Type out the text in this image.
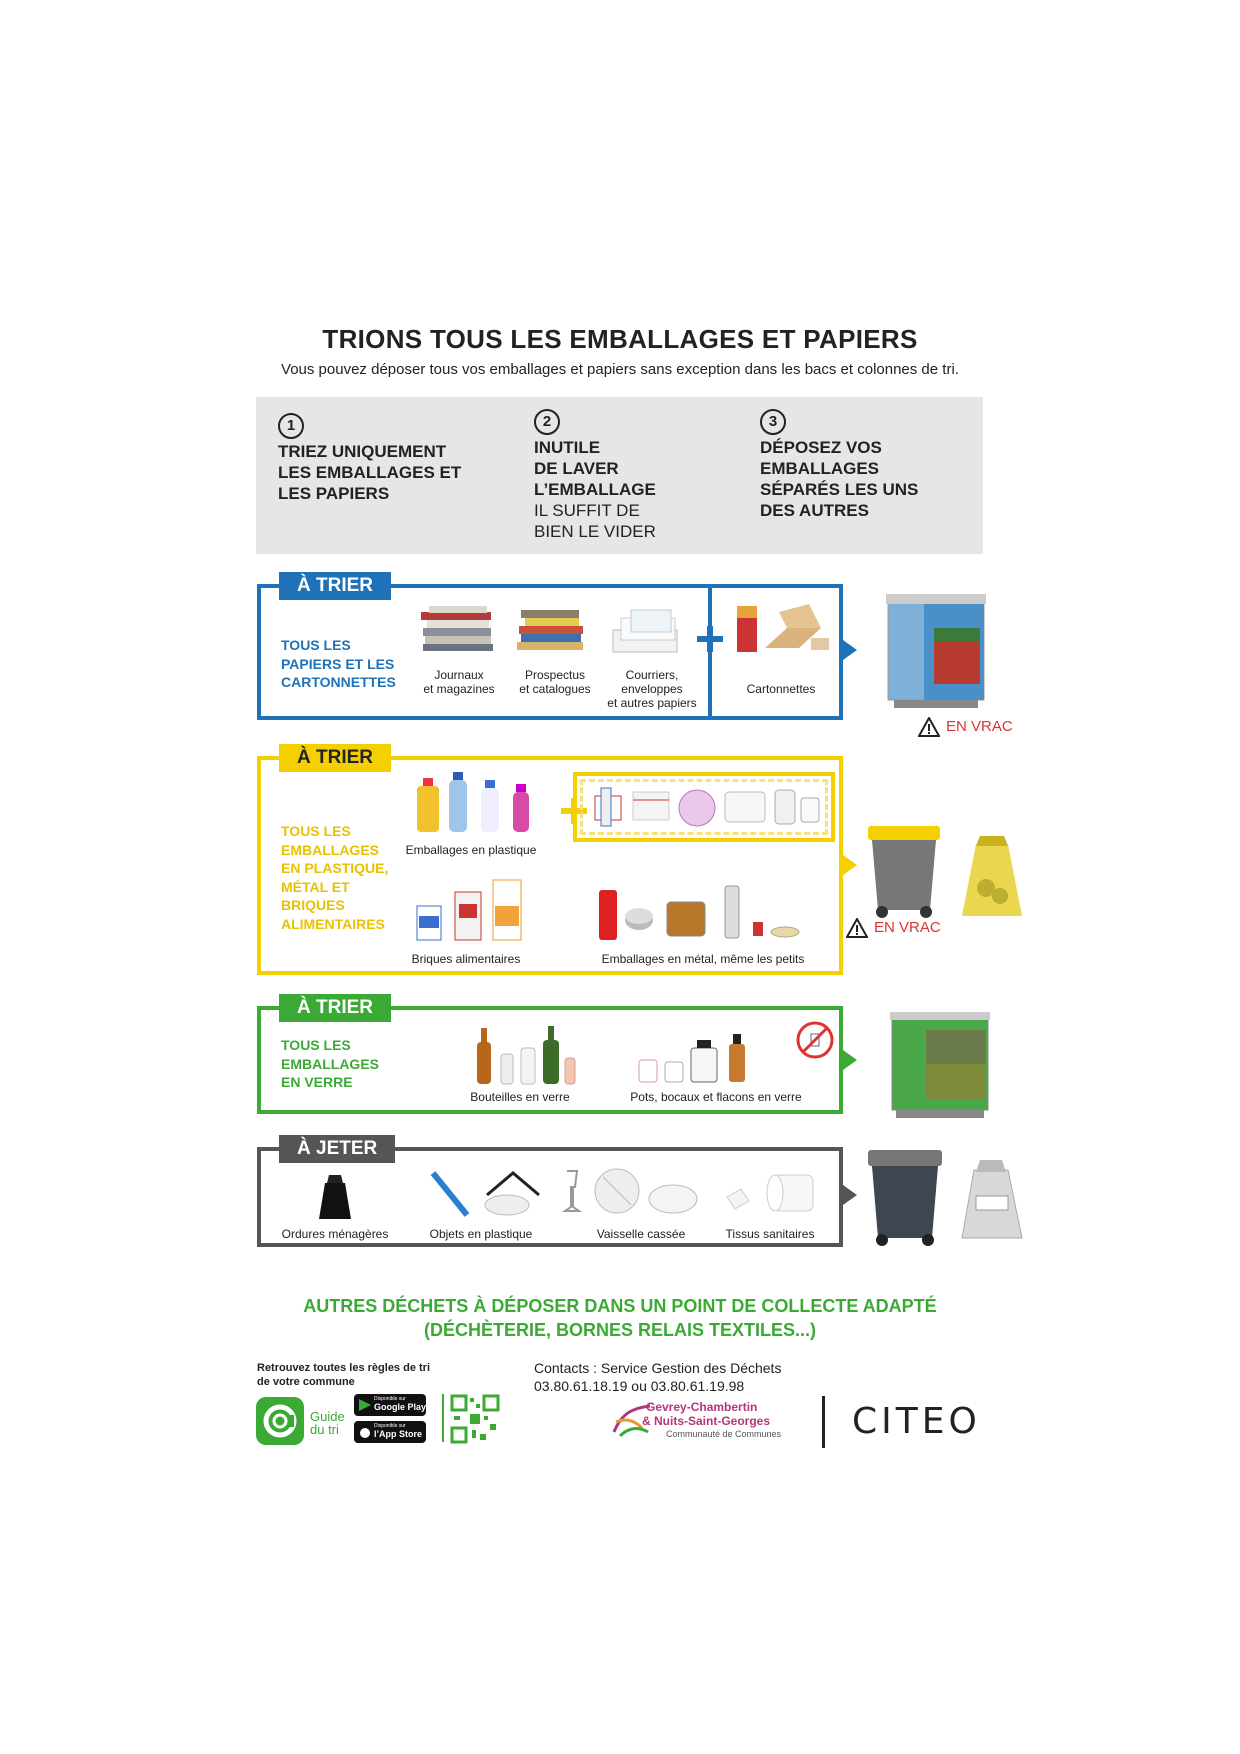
TRIONS TOUS LES EMBALLAGES ET PAPIERS
Vous pouvez déposer tous vos emballages et papiers sans exception dans les bacs et colonnes de tri.
1
TRIEZ UNIQUEMENT
LES EMBALLAGES ET
LES PAPIERS
2
INUTILE
DE LAVER
L’EMBALLAGE
IL SUFFIT DE
BIEN LE VIDER
3
DÉPOSEZ VOS
EMBALLAGES
SÉPARÉS LES UNS
DES AUTRES
À TRIER
TOUS LES
PAPIERS ET LES
CARTONNETTES	Journaux
et magazines
Prospectus
et catalogues
Courriers,
enveloppes
et autres papiers
Cartonnettes
EN VRAC
À TRIER
TOUS LES
EMBALLAGES
EN PLASTIQUE,
MÉTAL ET
BRIQUES
ALIMENTAIRES
Emballages en plastique
Briques alimentaires	Emballages en métal, même les petits
EN VRAC
À TRIER
TOUS LES
EMBALLAGES
EN VERRE
Bouteilles en verre	Pots, bocaux et flacons en verre
À JETER
Ordures ménagères	Objets en plastique	Vaisselle cassée	Tissus sanitaires
AUTRES DÉCHETS À DÉPOSER DANS UN POINT DE COLLECTE ADAPTÉ
(DÉCHÈTERIE, BORNES RELAIS TEXTILES...)
Retrouvez toutes les règles de tri
de votre commune
Guide
du tri
Disponible sur
Google Play
Disponible sur
l’App Store
Contacts : Service Gestion des Déchets
03.80.61.18.19 ou 03.80.61.19.98
Gevrey-Chambertin
& Nuits-Saint-Georges
Communauté de Communes CITEO
